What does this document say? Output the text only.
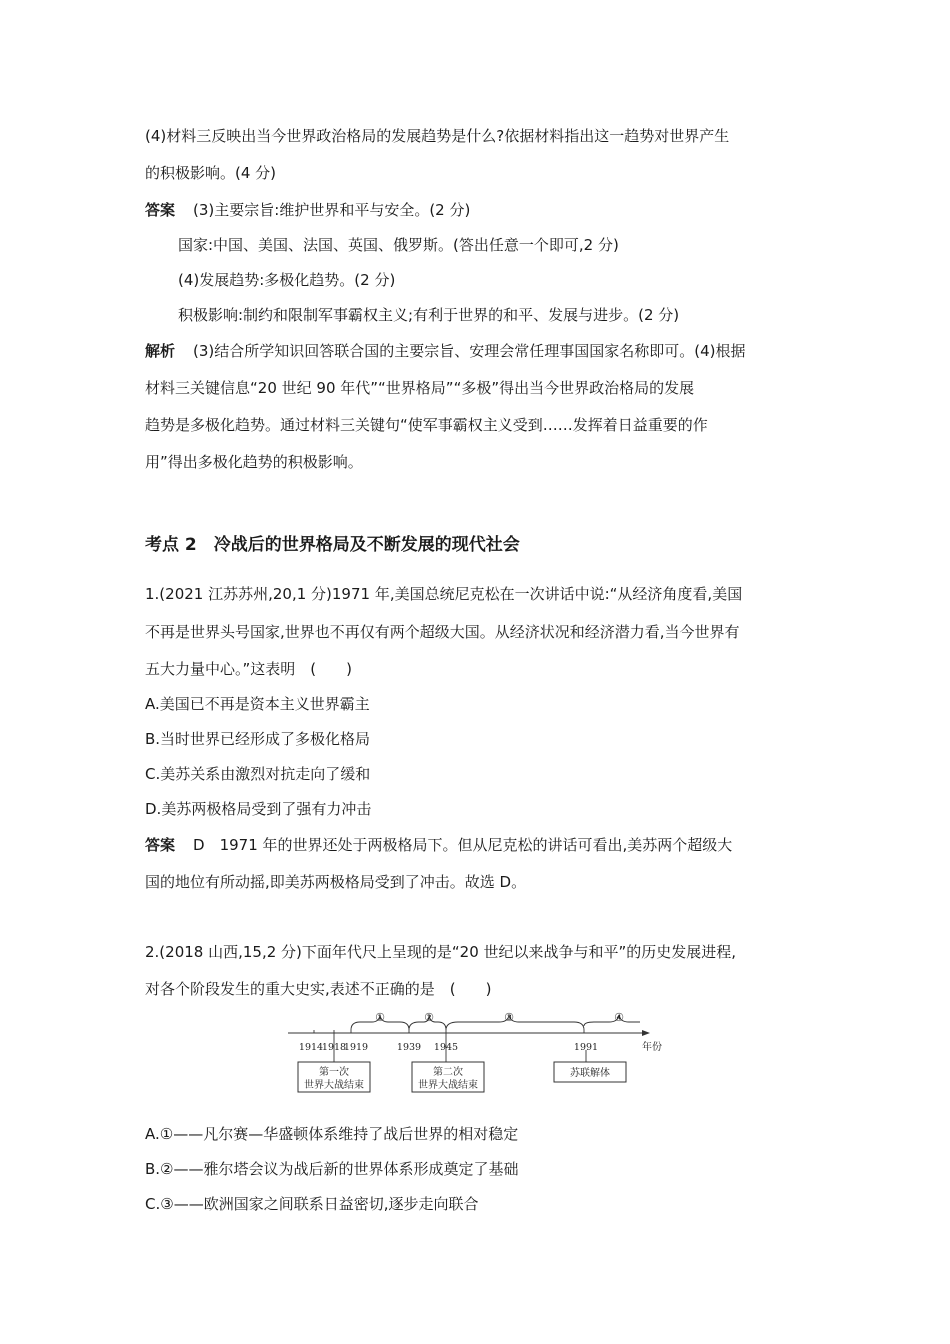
(4)材料三反映出当今世界政治格局的发展趋势是什么?依据材料指出这一趋势对世界产生
的积极影响。(4 分)
答案 (3)主要宗旨:维护世界和平与安全。(2 分)
国家:中国、美国、法国、英国、俄罗斯。(答出任意一个即可,2 分)
(4)发展趋势:多极化趋势。(2 分)
积极影响:制约和限制军事霸权主义;有利于世界的和平、发展与进步。(2 分)
解析 (3)结合所学知识回答联合国的主要宗旨、安理会常任理事国国家名称即可。(4)根据
材料三关键信息“20 世纪 90 年代”“世界格局”“多极”得出当今世界政治格局的发展
趋势是多极化趋势。通过材料三关键句“使军事霸权主义受到……发挥着日益重要的作
用”得出多极化趋势的积极影响。
考点 2　冷战后的世界格局及不断发展的现代社会
1.(2021 江苏苏州,20,1 分)1971 年,美国总统尼克松在一次讲话中说:“从经济角度看,美国
不再是世界头号国家,世界也不再仅有两个超级大国。从经济状况和经济潜力看,当今世界有
五大力量中心。”这表明　(　　)
A.美国已不再是资本主义世界霸主
B.当时世界已经形成了多极化格局
C.美苏关系由激烈对抗走向了缓和
D.美苏两极格局受到了强有力冲击
答案 D　1971 年的世界还处于两极格局下。但从尼克松的讲话可看出,美苏两个超级大
国的地位有所动摇,即美苏两极格局受到了冲击。故选 D。
2.(2018 山西,15,2 分)下面年代尺上呈现的是“20 世纪以来战争与和平”的历史发展进程,
对各个阶段发生的重大史实,表述不正确的是　(　　)
①	②	③	④
1914
1918
1919	1939 1945	1991	年份
第一次
世界大战结束
第二次
世界大战结束
苏联解体
A.①——凡尔赛—华盛顿体系维持了战后世界的相对稳定
B.②——雅尔塔会议为战后新的世界体系形成奠定了基础
C.③——欧洲国家之间联系日益密切,逐步走向联合
